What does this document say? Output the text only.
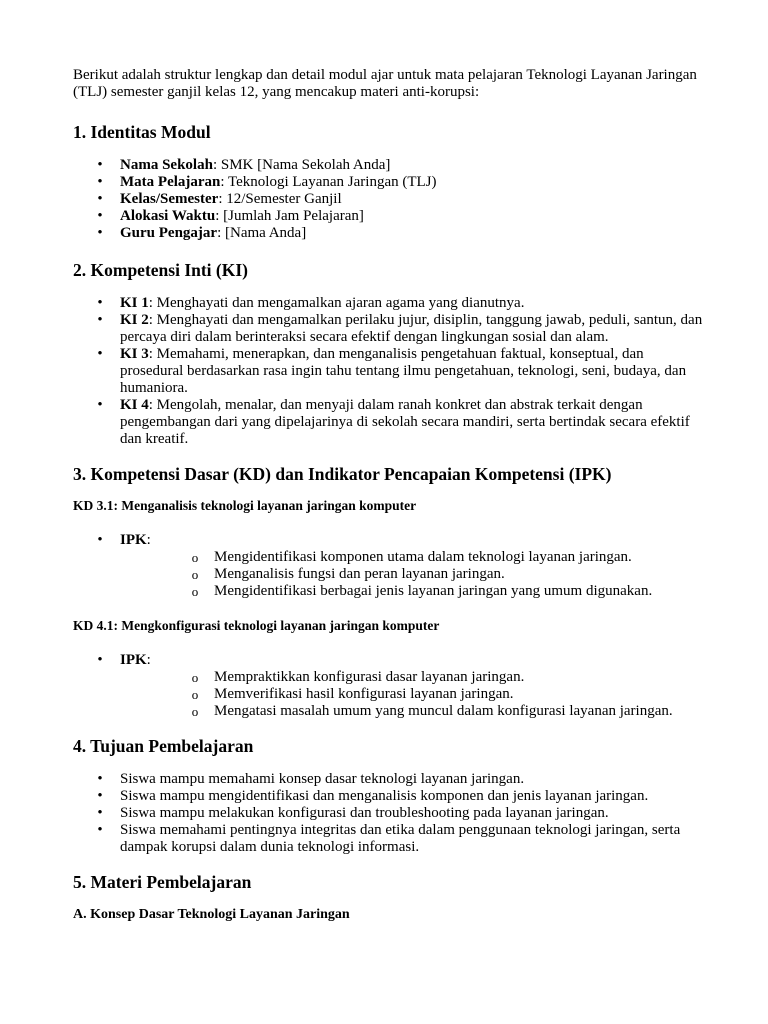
Berikut adalah struktur lengkap dan detail modul ajar untuk mata pelajaran Teknologi Layanan Jaringan (TLJ) semester ganjil kelas 12, yang mencakup materi anti-korupsi:

1. Identitas Modul
• Nama Sekolah: SMK [Nama Sekolah Anda]
• Mata Pelajaran: Teknologi Layanan Jaringan (TLJ)
• Kelas/Semester: 12/Semester Ganjil
• Alokasi Waktu: [Jumlah Jam Pelajaran]
• Guru Pengajar: [Nama Anda]
2. Kompetensi Inti (KI)
• KI 1: Menghayati dan mengamalkan ajaran agama yang dianutnya.
• KI 2: Menghayati dan mengamalkan perilaku jujur, disiplin, tanggung jawab, peduli, santun, dan percaya diri dalam berinteraksi secara efektif dengan lingkungan sosial dan alam.
• KI 3: Memahami, menerapkan, dan menganalisis pengetahuan faktual, konseptual, dan prosedural berdasarkan rasa ingin tahu tentang ilmu pengetahuan, teknologi, seni, budaya, dan humaniora.
• KI 4: Mengolah, menalar, dan menyaji dalam ranah konkret dan abstrak terkait dengan pengembangan dari yang dipelajarinya di sekolah secara mandiri, serta bertindak secara efektif dan kreatif.
3. Kompetensi Dasar (KD) dan Indikator Pencapaian Kompetensi (IPK)
KD 3.1: Menganalisis teknologi layanan jaringan komputer
• IPK:
o Mengidentifikasi komponen utama dalam teknologi layanan jaringan.
o Menganalisis fungsi dan peran layanan jaringan.
o Mengidentifikasi berbagai jenis layanan jaringan yang umum digunakan.
KD 4.1: Mengkonfigurasi teknologi layanan jaringan komputer
• IPK:
o Mempraktikkan konfigurasi dasar layanan jaringan.
o Memverifikasi hasil konfigurasi layanan jaringan.
o Mengatasi masalah umum yang muncul dalam konfigurasi layanan jaringan.
4. Tujuan Pembelajaran
• Siswa mampu memahami konsep dasar teknologi layanan jaringan.
• Siswa mampu mengidentifikasi dan menganalisis komponen dan jenis layanan jaringan.
• Siswa mampu melakukan konfigurasi dan troubleshooting pada layanan jaringan.
• Siswa memahami pentingnya integritas dan etika dalam penggunaan teknologi jaringan, serta dampak korupsi dalam dunia teknologi informasi.
5. Materi Pembelajaran
A. Konsep Dasar Teknologi Layanan Jaringan
